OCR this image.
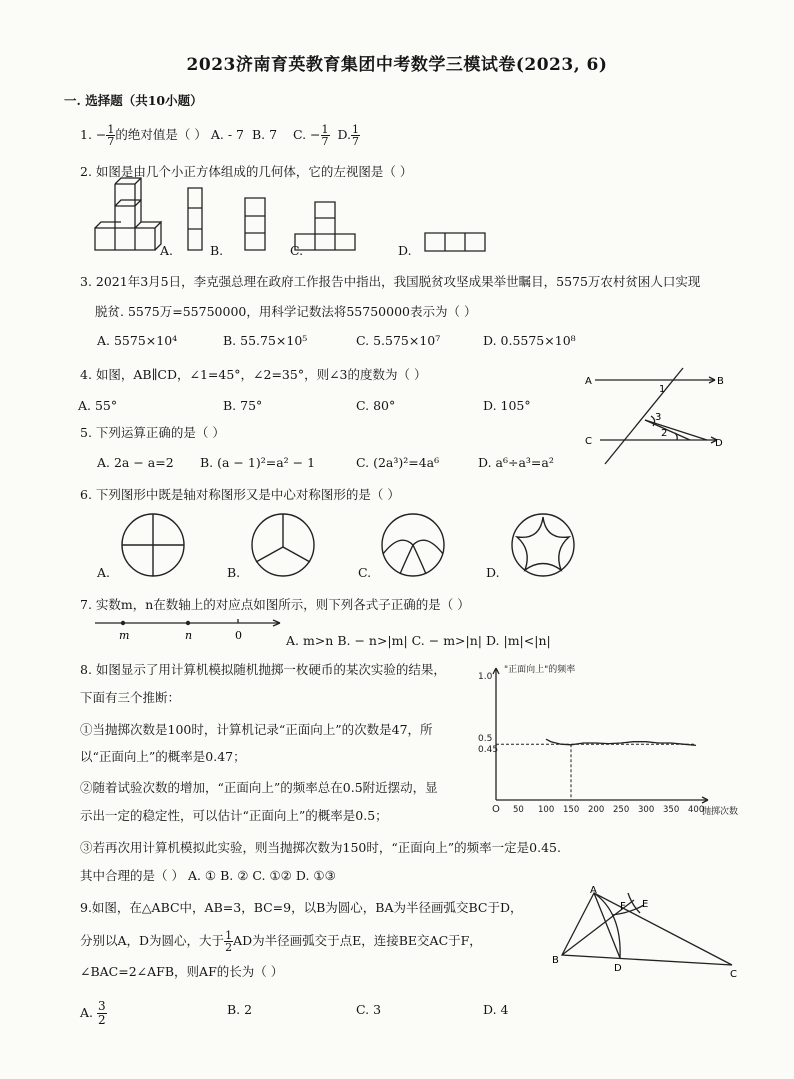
2023济南育英教育集团中考数学三模试卷(2023, 6)
一. 选择题（共10小题）
1. − $\frac{1}{7}$ 的绝对值是（ ） A. - 7 B. 7 C. − $\frac{1}{7} D$. $\frac{1}{7}$
2. 如图是由几个小正方体组成的几何体，它的左视图是（ ）
A.	B.	C.	D.
3. 2021年3月5日，李克强总理在政府工作报告中指出，我国脱贫攻坚成果举世瞩目，5575万农村贫困人口实现
脱贫. 5575万=55750000，用科学记数法将55750000表示为（ ）
A. 5575×10⁴	B. 55.75×10⁵	C. 5.575×10⁷	D. 0.5575×10⁸
4. 如图，AB∥CD，∠1=45°，∠2=35°，则∠3的度数为（ ）
A. 55°	B. 75°	C. 80°	D. 105°
A	B
C	D
1
2
3
5. 下列运算正确的是（ ）
A. 2a − a=2 B. (a − 1)²=a² − 1	C. (2a³)²=4a⁶	D. a⁶÷a³=a²
6. 下列图形中既是轴对称图形又是中心对称图形的是（ ）
A.	B.	C.	D.
7. 实数m，n在数轴上的对应点如图所示，则下列各式子正确的是（ ）
m	n	0	A. m>n B. − n>|m| C. − m>|n| D. |m|<|n|
8. 如图显示了用计算机模拟随机抛掷一枚硬币的某次实验的结果，
下面有三个推断：
①当抛掷次数是100时，计算机记录“正面向上”的次数是47，所
以“正面向上”的概率是0.47；
②随着试验次数的增加，“正面向上”的频率总在0.5附近摆动，显
示出一定的稳定性，可以估计“正面向上”的概率是0.5；
③若再次用计算机模拟此实验，则当抛掷次数为150时，“正面向上”的频率一定是0.45.
其中合理的是（ ） A. ① B. ② C. ①② D. ①③
1.0
0.5
0.45
"正面向上"的频率
O 50 100 150 200 250 300 350 400
抛掷次数
9.如图，在△ABC中，AB=3，BC=9，以B为圆心，BA为半径画弧交BC于D，
分别以A，D为圆心，大于 $\frac{1}{2}$ AD为半径画弧交于点E，连接BE交AC于F，
∠BAC=2∠AFB，则AF的长为（ ）
A. $\frac{3}{2}$	B. 2	C. 3	D. 4
A
B
C
D
E
F
